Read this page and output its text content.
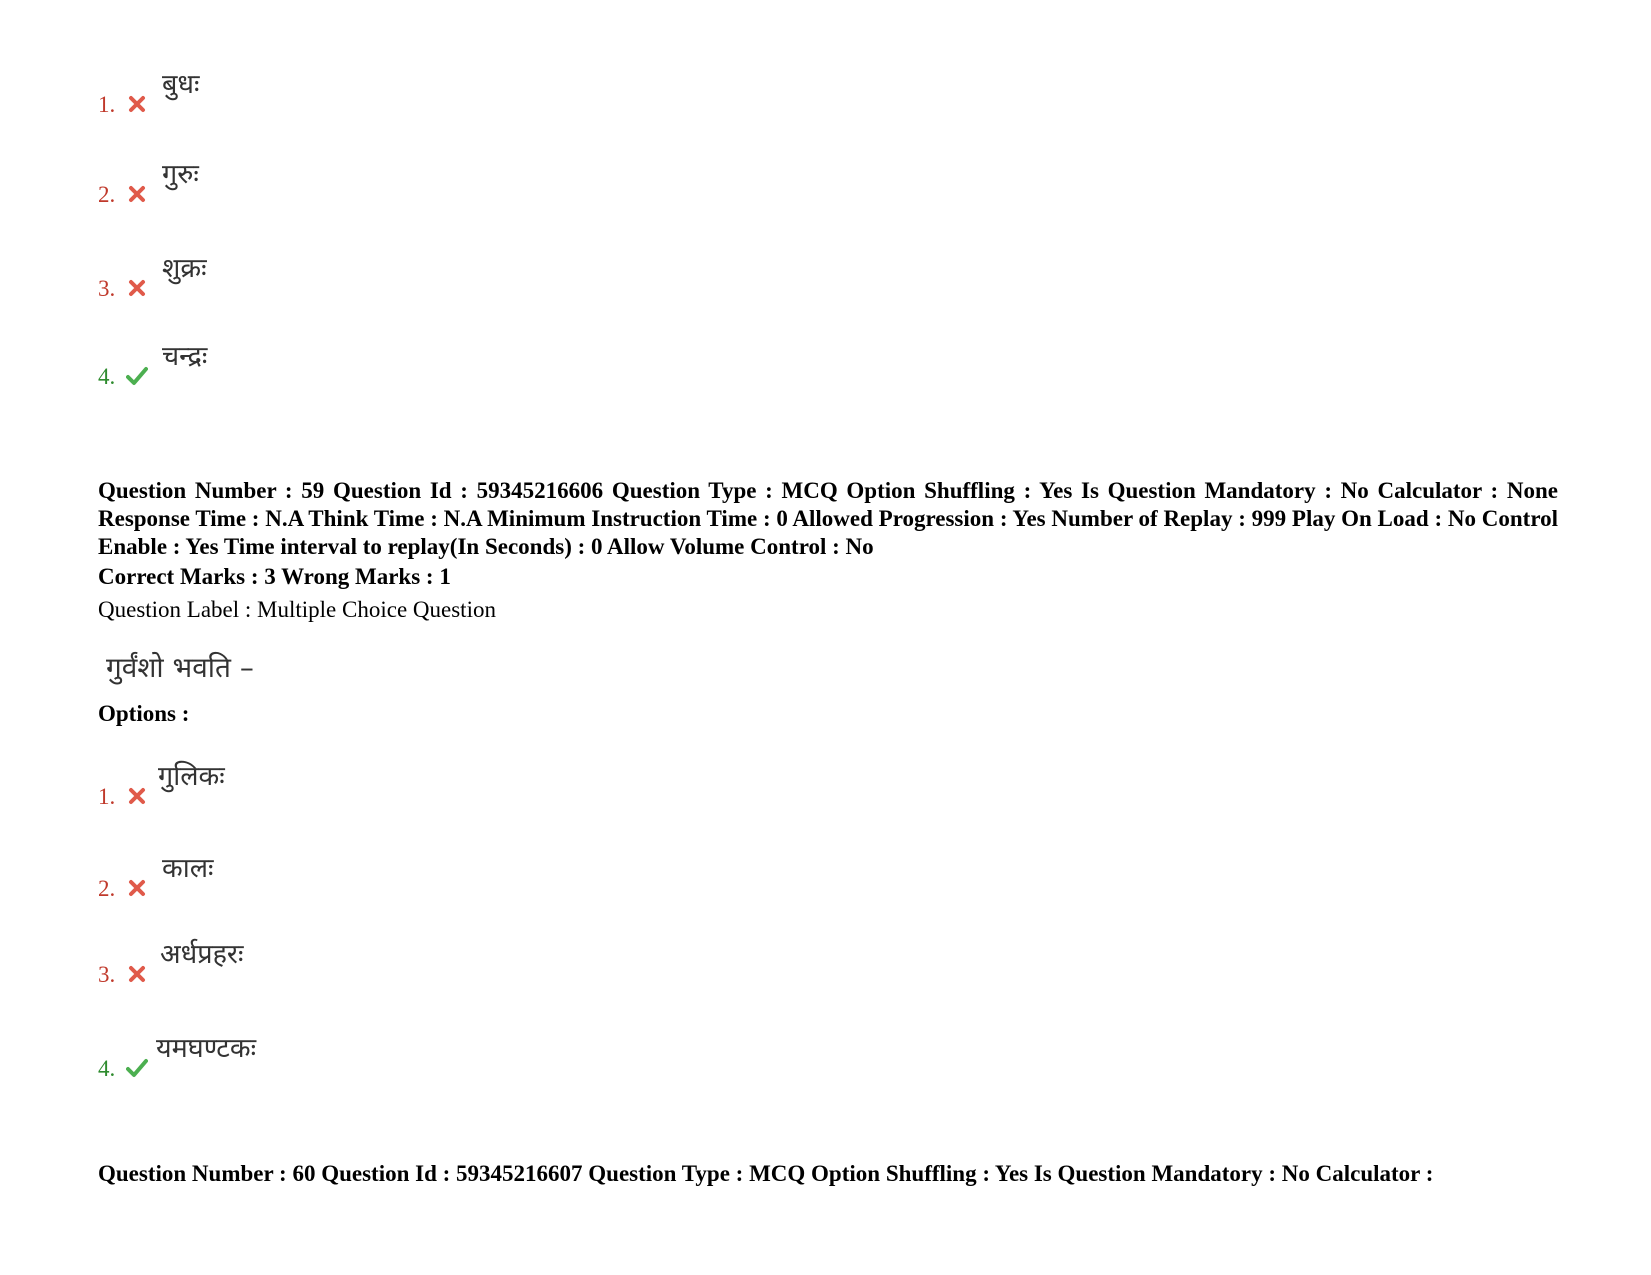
1.
बुधः
2.
गुरुः
3.
शुक्रः
4.
चन्द्रः
Question Number : 59 Question Id : 59345216606 Question Type : MCQ Option Shuffling : Yes Is Question Mandatory : No Calculator : None Response Time : N.A Think Time : N.A Minimum Instruction Time : 0 Allowed Progression : Yes Number of Replay : 999 Play On Load : No Control Enable : Yes Time interval to replay(In Seconds) : 0 Allow Volume Control : No
Correct Marks : 3 Wrong Marks : 1
Question Label : Multiple Choice Question
गुर्वंशो भवति –
Options :
1.
गुलिकः
2.
कालः
3.
अर्धप्रहरः
4.
यमघण्टकः
Question Number : 60 Question Id : 59345216607 Question Type : MCQ Option Shuffling : Yes Is Question Mandatory : No Calculator :
